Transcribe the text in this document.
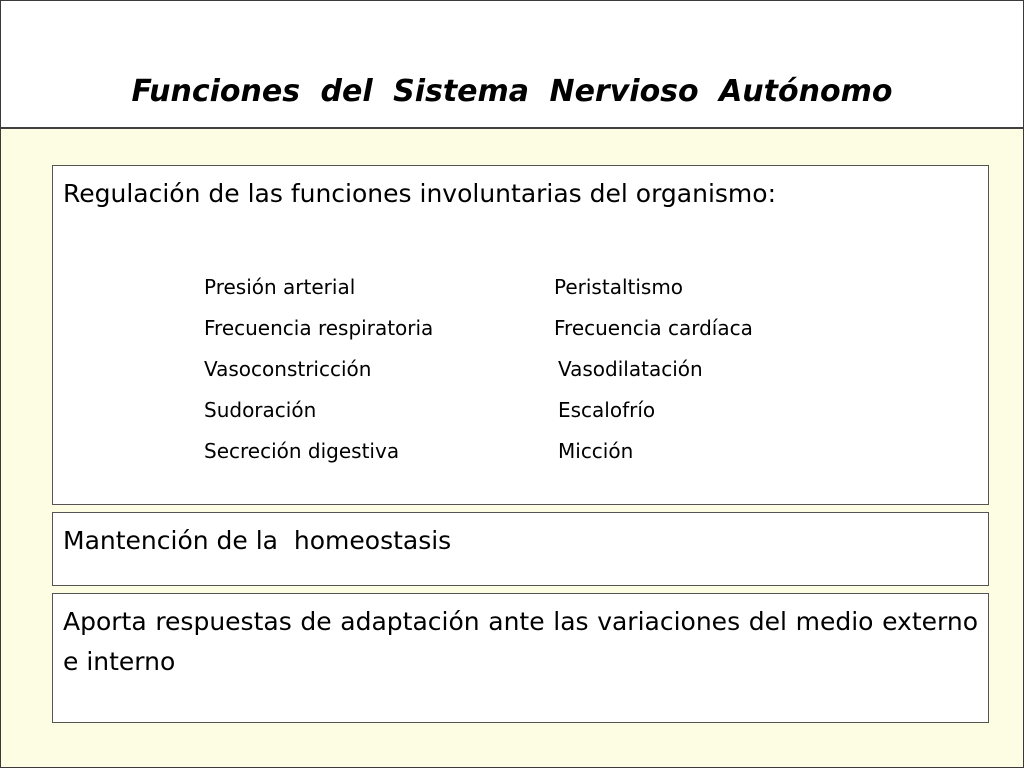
Funciones del Sistema Nervioso Autónomo
Regulación de las funciones involuntarias del organismo:
Presión arterial
Frecuencia respiratoria
Vasoconstricción
Sudoración
Secreción digestiva
Peristaltismo
Frecuencia cardíaca
Vasodilatación
Escalofrío
Micción
Mantención de la  homeostasis

Aporta respuestas de adaptación ante las variaciones del medio externo e interno
